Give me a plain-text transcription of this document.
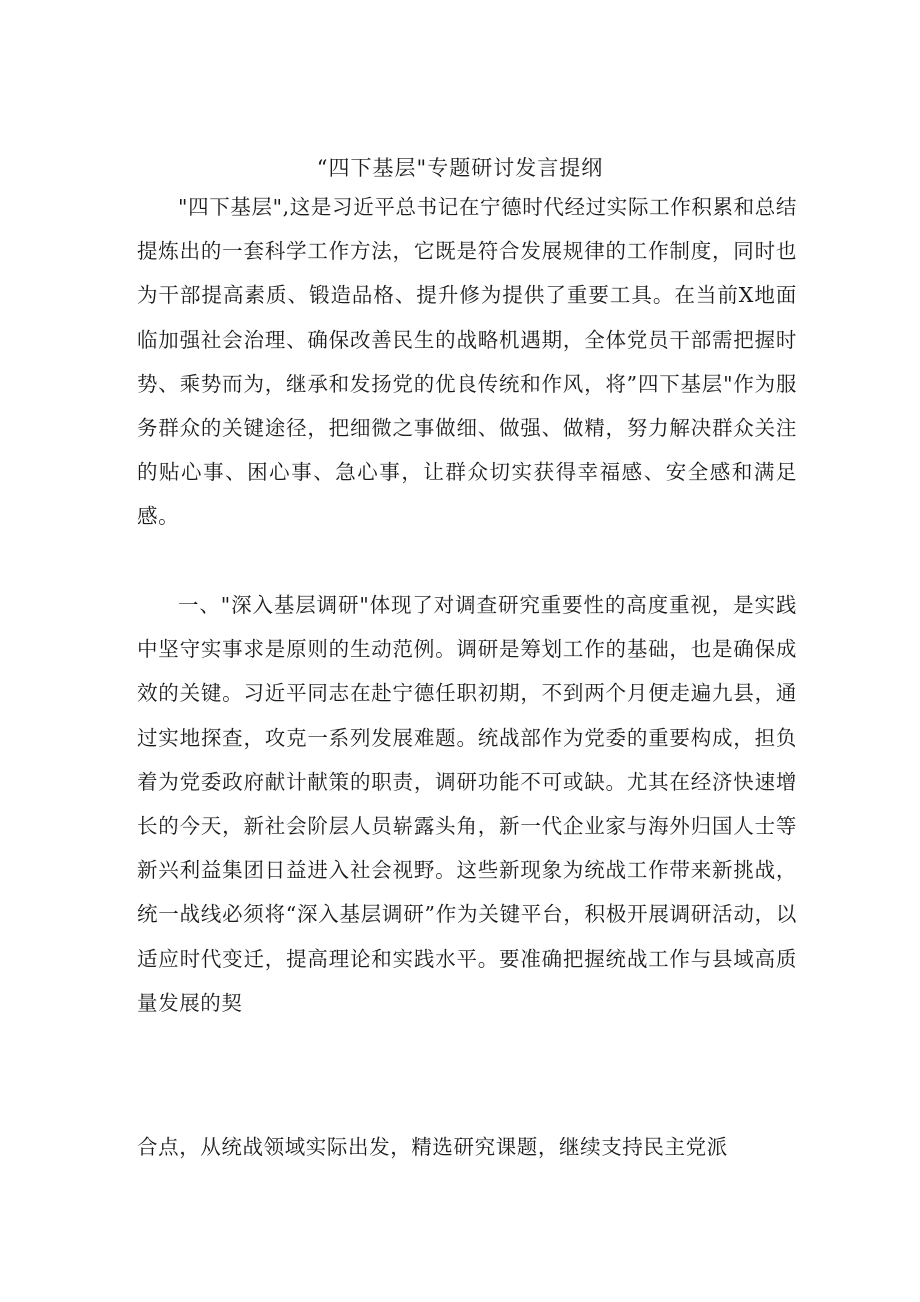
“四下基层"专题研讨发言提纲

"四下基层",这是习近平总书记在宁德时代经过实际工作积累和总结提炼出的一套科学工作方法，它既是符合发展规律的工作制度，同时也为干部提高素质、锻造品格、提升修为提供了重要工具。在当前X地面临加强社会治理、确保改善民生的战略机遇期，全体党员干部需把握时势、乘势而为，继承和发扬党的优良传统和作风，将”四下基层"作为服务群众的关键途径，把细微之事做细、做强、做精，努力解决群众关注的贴心事、困心事、急心事，让群众切实获得幸福感、安全感和满足感。

一、"深入基层调研"体现了对调查研究重要性的高度重视，是实践中坚守实事求是原则的生动范例。调研是筹划工作的基础，也是确保成效的关键。习近平同志在赴宁德任职初期，不到两个月便走遍九县，通过实地探查，攻克一系列发展难题。统战部作为党委的重要构成，担负着为党委政府献计献策的职责，调研功能不可或缺。尤其在经济快速增长的今天，新社会阶层人员崭露头角，新一代企业家与海外归国人士等新兴利益集团日益进入社会视野。这些新现象为统战工作带来新挑战，统一战线必须将“深入基层调研”作为关键平台，积极开展调研活动，以适应时代变迁，提高理论和实践水平。要准确把握统战工作与县域高质量发展的契

合点，从统战领域实际出发，精选研究课题，继续支持民主党派
